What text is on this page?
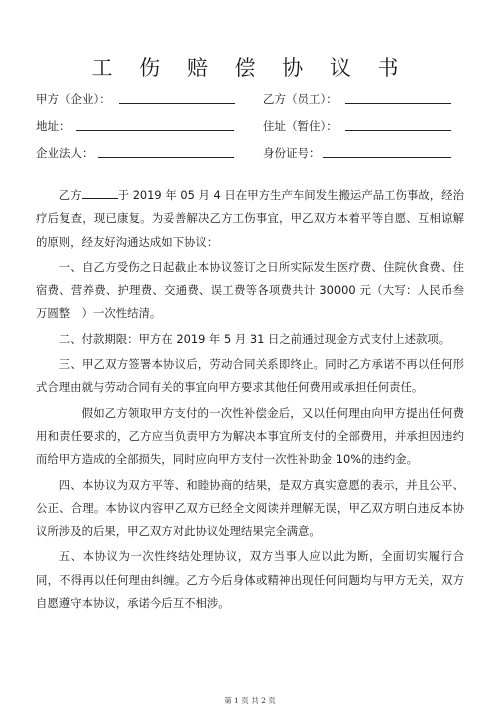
工 伤 赔 偿 协 议 书
甲方（企业）：	乙方（员工）：
地址：	住址（暂住）：
企业法人：	身份证号：

乙方	于 2019 年 05 月 4 日在甲方生产车间发生搬运产品工伤事故，经治疗后复查，现已康复。为妥善解决乙方工伤事宜，甲乙双方本着平等自愿、互相谅解的原则，经友好沟通达成如下协议：

一、自乙方受伤之日起截止本协议签订之日所实际发生医疗费、住院伙食费、住宿费、营养费、护理费、交通费、误工费等各项费共计 30000 元（大写：人民币叁万圆整　）一次性结清。

二、付款期限：甲方在 2019 年 5 月 31 日之前通过现金方式支付上述款项。

三、甲乙双方签署本协议后，劳动合同关系即终止。同时乙方承诺不再以任何形式合理由就与劳动合同有关的事宜向甲方要求其他任何费用或承担任何责任。

假如乙方领取甲方支付的一次性补偿金后，又以任何理由向甲方提出任何费用和责任要求的，乙方应当负责甲方为解决本事宜所支付的全部费用，并承担因违约而给甲方造成的全部损失，同时应向甲方支付一次性补助金 10%的违约金。

四、本协议为双方平等、和睦协商的结果，是双方真实意愿的表示，并且公平、公正、合理。本协议内容甲乙双方已经全文阅读并理解无误，甲乙双方明白违反本协议所涉及的后果，甲乙双方对此协议处理结果完全满意。

五、本协议为一次性终结处理协议，双方当事人应以此为断，全面切实履行合同，不得再以任何理由纠缠。乙方今后身体或精神出现任何问题均与甲方无关，双方自愿遵守本协议，承诺今后互不相涉。

第 1 页 共 2 页
